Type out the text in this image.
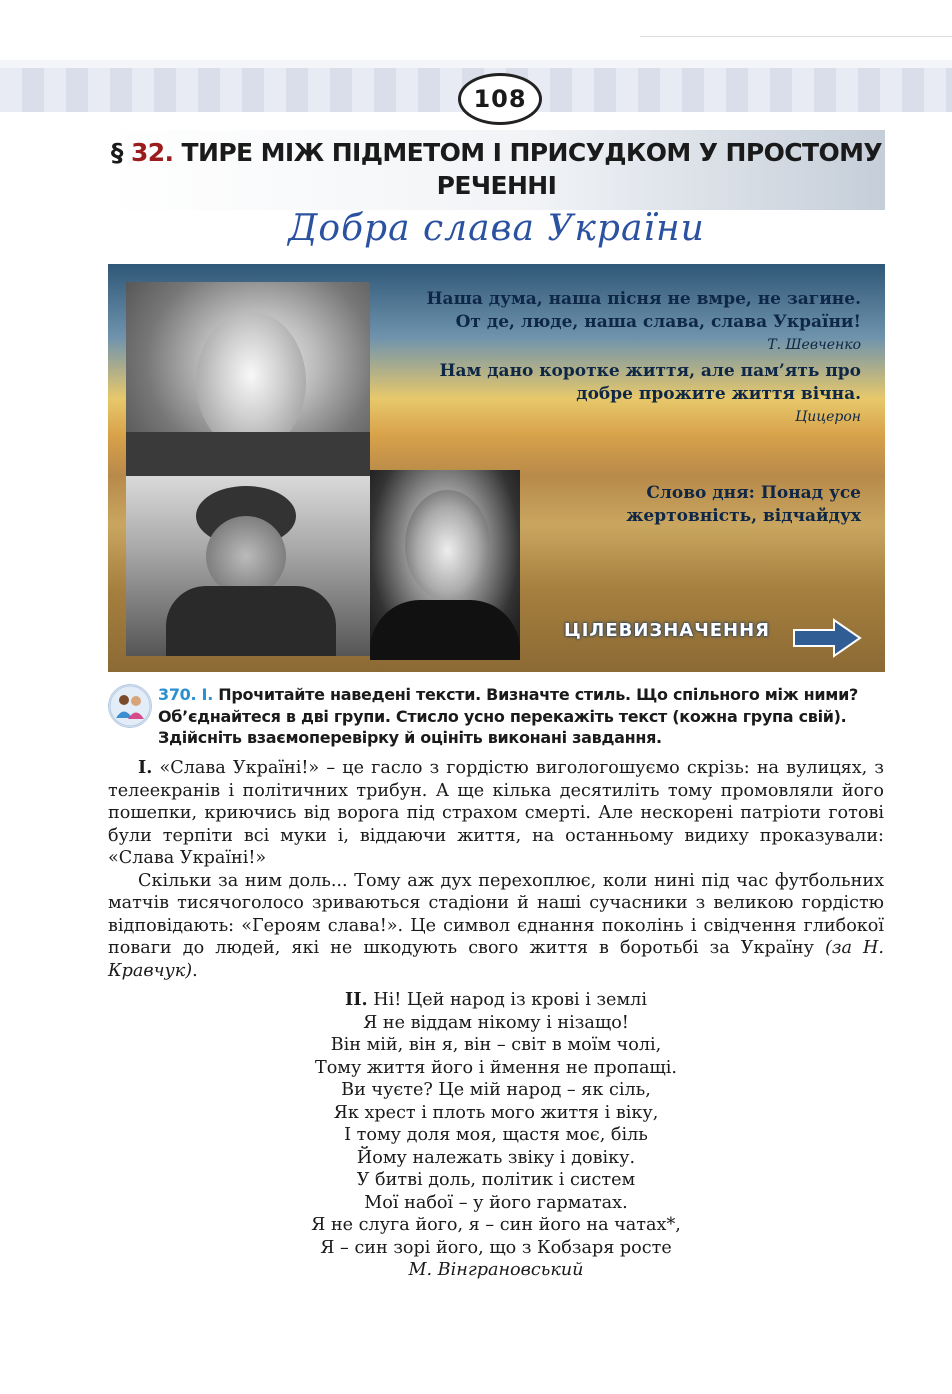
108
§ 32. ТИРЕ МІЖ ПІДМЕТОМ І ПРИСУДКОМ У ПРОСТОМУ
РЕЧЕННІ
Добра слава України
Наша дума, наша пісня не вмре, не загине.
От де, люде, наша слава, слава України!
Т. Шевченко
Нам дано коротке життя, але пам’ять про
добре прожите життя вічна.
Цицерон
Слово дня: Понад усе
жертовність, відчайдух
ЦІЛЕВИЗНАЧЕННЯ
370. І. Прочитайте наведені тексти. Визначте стиль. Що спільного між ними? Об’єднайтеся в дві групи. Стисло усно перекажіть текст (кожна група свій). Здійсніть взаємоперевірку й оцініть виконані завдання.

І. «Слава Україні!» – це гасло з гордістю вигологошуємо скрізь: на вулицях, з телеекранів і політичних трибун. А ще кілька десятиліть тому промовляли його пошепки, криючись від ворога під страхом смерті. Але нескорені патріоти готові були терпіти всі муки і, віддаючи життя, на останньому видиху проказували: «Слава Україні!»

Скільки за ним доль... Тому аж дух перехоплює, коли нині під час футбольних матчів тисячоголосо зриваються стадіони й наші сучасники з великою гордістю відповідають: «Героям слава!». Це символ єднання поколінь і свідчення глибокої поваги до людей, які не шкодують свого життя в боротьбі за Україну (за Н. Кравчук).

ІІ. Ні! Цей народ із крові і землі
Я не віддам нікому і нізащо!
Він мій, він я, він – світ в моїм чолі,
Тому життя його і ймення не пропащі.
Ви чуєте? Це мій народ – як сіль,
Як хрест і плоть мого життя і віку,
І тому доля моя, щастя моє, біль
Йому належать звіку і довіку.
У битві доль, політик і систем
Мої набої – у його гарматах.
Я не слуга його, я – син його на чатах*,
Я – син зорі його, що з Кобзаря росте
М. Вінграновський
